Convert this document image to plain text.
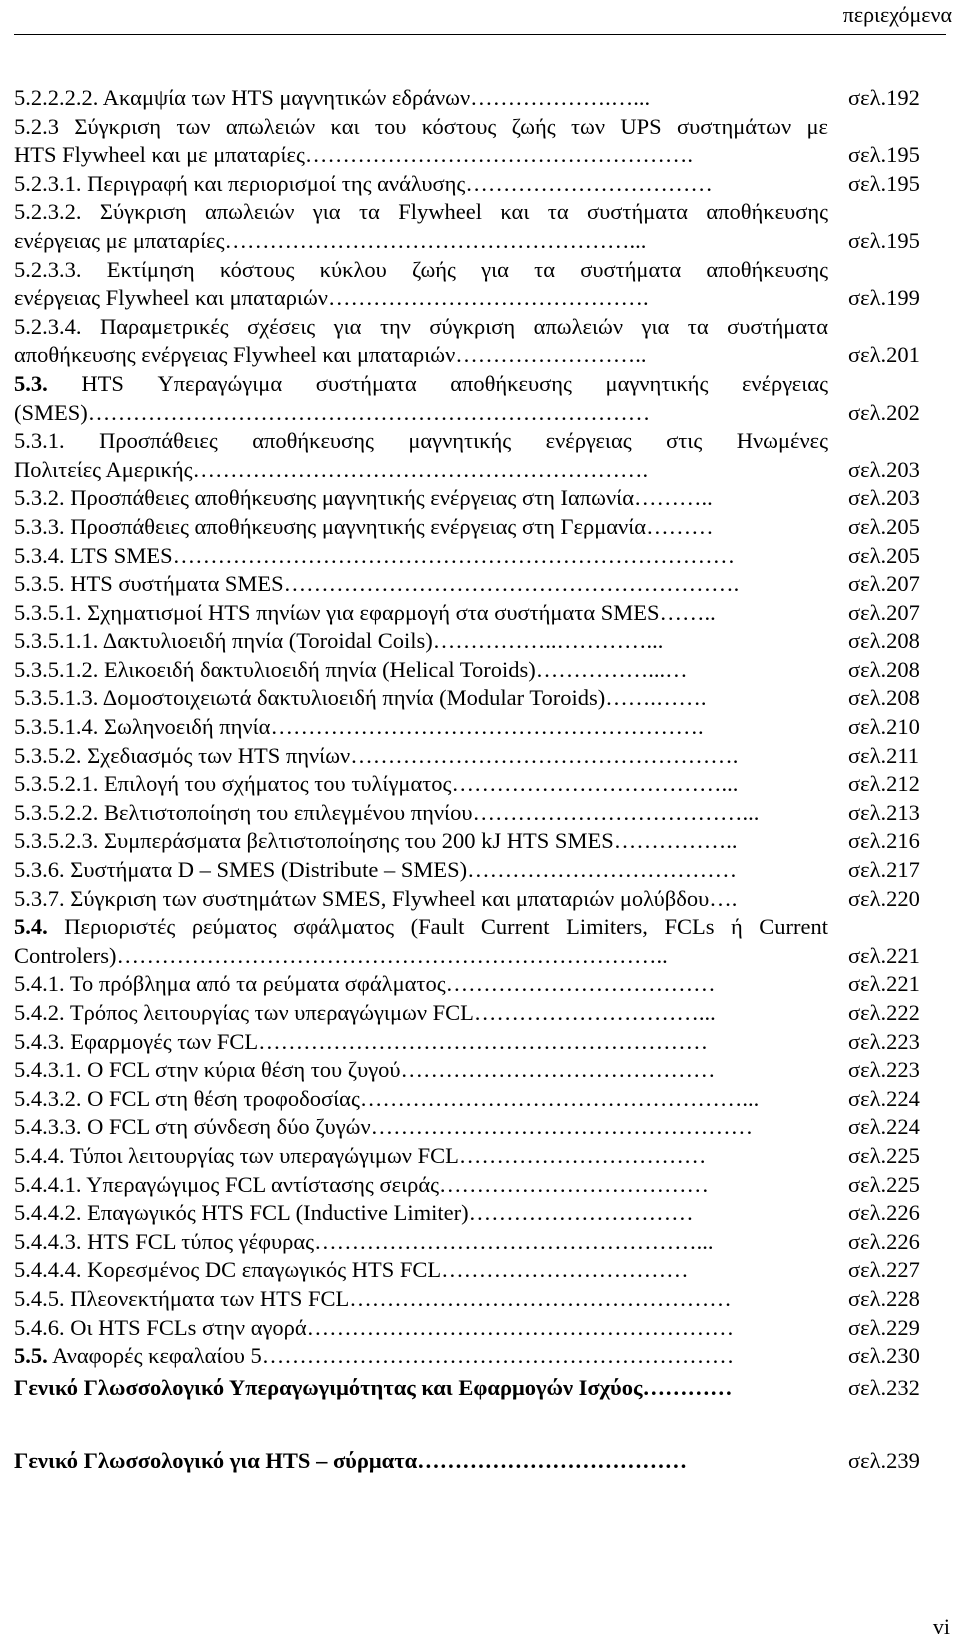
περιεχόμενα
5.2.2.2.2. Ακαμψία των HTS μαγνητικών εδράνων……………….…...	σελ.192
5.2.3 Σύγκριση των απωλειών και του κόστους ζωής των UPS συστημάτων με
HTS Flywheel και με μπαταρίες…………………………………………….	σελ.195
5.2.3.1. Περιγραφή και περιορισμοί της ανάλυσης……………………………	σελ.195
5.2.3.2. Σύγκριση απωλειών για τα Flywheel και τα συστήματα αποθήκευσης
ενέργειας με μπαταρίες………………………………………………...	σελ.195
5.2.3.3. Εκτίμηση κόστους κύκλου ζωής για τα συστήματα αποθήκευσης
ενέργειας Flywheel και μπαταριών…………………………………….	σελ.199
5.2.3.4. Παραμετρικές σχέσεις για την σύγκριση απωλειών για τα συστήματα
αποθήκευσης ενέργειας Flywheel και μπαταριών……………………..	σελ.201
5.3. HTS Υπεραγώγιμα συστήματα αποθήκευσης μαγνητικής ενέργειας
(SMES)…………………………………………………………………	σελ.202
5.3.1. Προσπάθειες αποθήκευσης μαγνητικής ενέργειας στις Ηνωμένες
Πολιτείες Αμερικής…………………………………………………….	σελ.203
5.3.2. Προσπάθειες αποθήκευσης μαγνητικής ενέργειας στη Ιαπωνία………..	σελ.203
5.3.3. Προσπάθειες αποθήκευσης μαγνητικής ενέργειας στη Γερμανία………	σελ.205
5.3.4. LTS SMES…………………………………………………………………	σελ.205
5.3.5. HTS συστήματα SMES…………………………………………………….	σελ.207
5.3.5.1. Σχηματισμοί HTS πηνίων για εφαρμογή στα συστήματα SMES……..	σελ.207
5.3.5.1.1. Δακτυλιοειδή πηνία (Toroidal Coils)……………..…………...	σελ.208
5.3.5.1.2. Ελικοειδή δακτυλιοειδή πηνία (Helical Toroids)……………...…	σελ.208
5.3.5.1.3. Δομοστοιχειωτά δακτυλιοειδή πηνία (Modular Toroids)…….…….	σελ.208
5.3.5.1.4. Σωληνοειδή πηνία………………………………………………….	σελ.210
5.3.5.2. Σχεδιασμός των HTS πηνίων…………………………………………….	σελ.211
5.3.5.2.1. Επιλογή του σχήματος του τυλίγματος………………………………...	σελ.212
5.3.5.2.2. Βελτιστοποίηση του επιλεγμένου πηνίου………………………………...	σελ.213
5.3.5.2.3. Συμπεράσματα βελτιστοποίησης του 200 kJ HTS SMES……………..	σελ.216
5.3.6. Συστήματα D – SMES (Distribute – SMES)………………………………	σελ.217
5.3.7. Σύγκριση των συστημάτων SMES, Flywheel και μπαταριών μολύβδου….	σελ.220
5.4. Περιοριστές ρεύματος σφάλματος (Fault Current Limiters, FCLs ή Current
Controlers)………………………………………………………………..	σελ.221
5.4.1. Το πρόβλημα από τα ρεύματα σφάλματος………………………………	σελ.221
5.4.2. Τρόπος λειτουργίας των υπεραγώγιμων FCL…………………………...	σελ.222
5.4.3. Εφαρμογές των FCL……………………………………………………	σελ.223
5.4.3.1. Ο FCL στην κύρια θέση του ζυγού……………………………………	σελ.223
5.4.3.2. Ο FCL στη θέση τροφοδοσίας……………………………………………...	σελ.224
5.4.3.3. Ο FCL στη σύνδεση δύο ζυγών……………………………………………	σελ.224
5.4.4. Τύποι λειτουργίας των υπεραγώγιμων FCL……………………………	σελ.225
5.4.4.1. Υπεραγώγιμος FCL αντίστασης σειράς………………………………	σελ.225
5.4.4.2. Επαγωγικός HTS FCL (Inductive Limiter)…………………………	σελ.226
5.4.4.3. HTS FCL τύπος γέφυρας……………………………………………...	σελ.226
5.4.4.4. Κορεσμένος DC επαγωγικός HTS FCL……………………………	σελ.227
5.4.5. Πλεονεκτήματα των HTS FCL……………………………………………	σελ.228
5.4.6. Οι HTS FCLs στην αγορά…………………………………………………	σελ.229
5.5. Αναφορές κεφαλαίου 5………………………………………………………	σελ.230
Γενικό Γλωσσολογικό Υπεραγωγιμότητας και Εφαρμογών Ισχύος…………	σελ.232
Γενικό Γλωσσολογικό για HTS – σύρματα………………………………	σελ.239
vi
